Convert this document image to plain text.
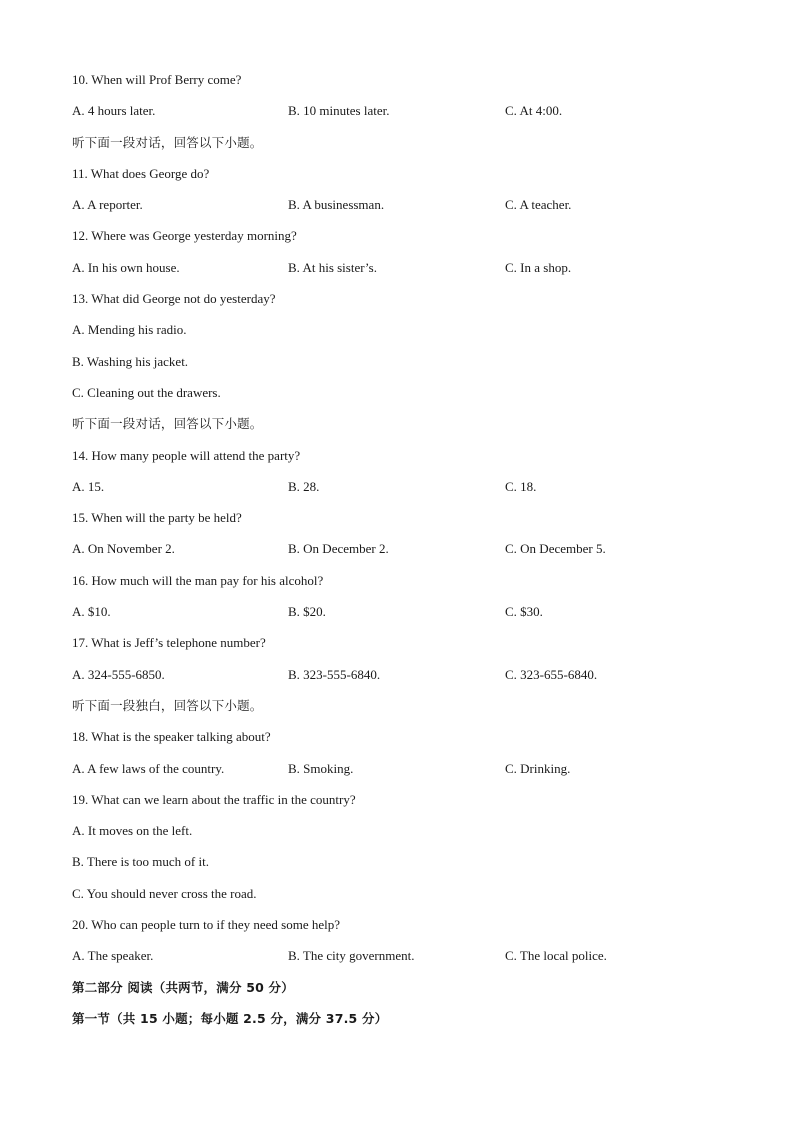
10. When will Prof Berry come?
A. 4 hours later.	B. 10 minutes later.	C. At 4:00.
听下面一段对话，回答以下小题。
11. What does George do?
A. A reporter.	B. A businessman.	C. A teacher.
12. Where was George yesterday morning?
A. In his own house.	B. At his sister’s.	C. In a shop.
13. What did George not do yesterday?
A. Mending his radio.
B. Washing his jacket.
C. Cleaning out the drawers.
听下面一段对话，回答以下小题。
14. How many people will attend the party?
A. 15.	B. 28.	C. 18.
15. When will the party be held?
A. On November 2.	B. On December 2.	C. On December 5.
16. How much will the man pay for his alcohol?
A. $10.	B. $20.	C. $30.
17. What is Jeff’s telephone number?
A. 324-555-6850.	B. 323-555-6840.	C. 323-655-6840.
听下面一段独白，回答以下小题。
18. What is the speaker talking about?
A. A few laws of the country.	B. Smoking.	C. Drinking.
19. What can we learn about the traffic in the country?
A. It moves on the left.
B. There is too much of it.
C. You should never cross the road.
20. Who can people turn to if they need some help?
A. The speaker.	B. The city government.	C. The local police.
第二部分 阅读（共两节，满分 50 分）
第一节（共 15 小题；每小题 2.5 分，满分 37.5 分）
